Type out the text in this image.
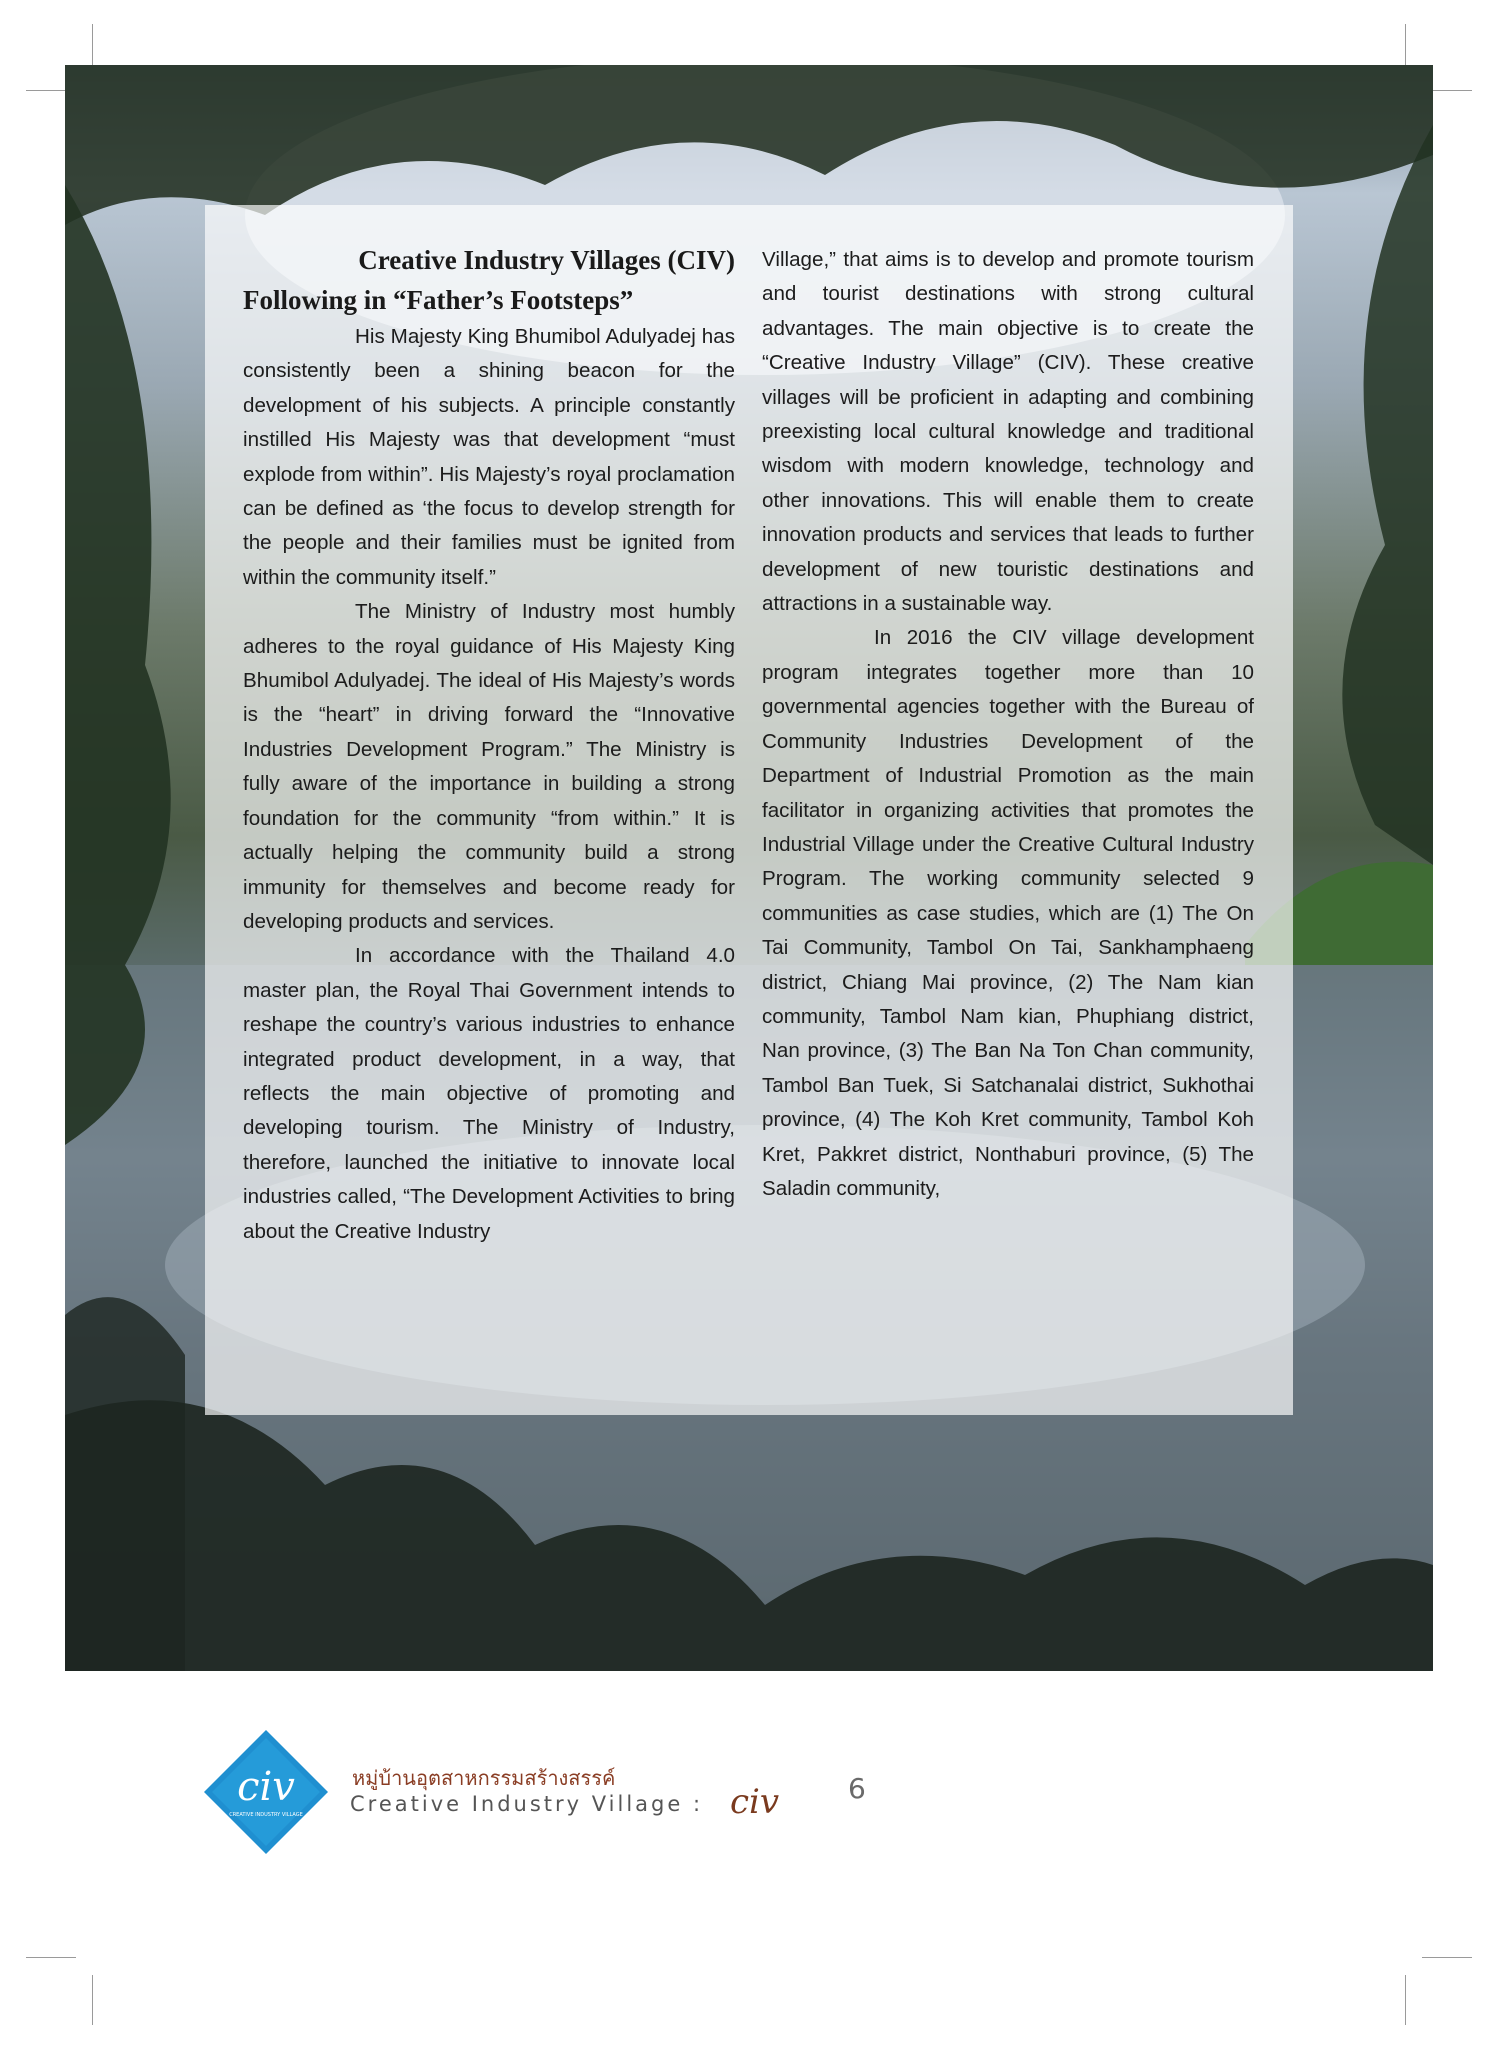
Creative Industry Villages (CIV)
Following in “Father’s Footsteps”

His Majesty King Bhumibol Adulyadej has consistently been a shining beacon for the development of his subjects. A principle constantly instilled His Majesty was that development “must explode from within”. His Majesty’s royal proclamation can be defined as ‘the focus to develop strength for the people and their families must be ignited from within the community itself.”

The Ministry of Industry most humbly adheres to the royal guidance of His Majesty King Bhumibol Adulyadej. The ideal of His Majesty’s words is the “heart” in driving forward the “Innovative Industries Development Program.” The Ministry is fully aware of the importance in building a strong foundation for the community “from within.” It is actually helping the community build a strong immunity for themselves and become ready for developing products and services.

In accordance with the Thailand 4.0 master plan, the Royal Thai Government intends to reshape the country’s various industries to enhance integrated product development, in a way, that reflects the main objective of promoting and developing tourism. The Ministry of Industry, therefore, launched the initiative to innovate local industries called, “The Development Activities to bring about the Creative Industry

Village,” that aims is to develop and promote tourism and tourist destinations with strong cultural advantages. The main objective is to create the “Creative Industry Village” (CIV). These creative villages will be proficient in adapting and combining preexisting local cultural knowledge and traditional wisdom with modern knowledge, technology and other innovations. This will enable them to create innovation products and services that leads to further development of new touristic destinations and attractions in a sustainable way.

In 2016 the CIV village development program integrates together more than 10 governmental agencies together with the Bureau of Community Industries Development of the Department of Industrial Promotion as the main facilitator in organizing activities that promotes the Industrial Village under the Creative Cultural Industry Program. The working community selected 9 communities as case studies, which are (1) The On Tai Community, Tambol On Tai, Sankhamphaeng district, Chiang Mai province, (2) The Nam kian community, Tambol Nam kian, Phuphiang district, Nan province, (3) The Ban Na Ton Chan community, Tambol Ban Tuek, Si Satchanalai district, Sukhothai province, (4) The Koh Kret community, Tambol Koh Kret, Pakkret district, Nonthaburi province, (5) The Saladin community,

civ
CREATIVE INDUSTRY VILLAGE
หมู่บ้านอุตสาหกรรมสร้างสรรค์
Creative Industry Village : civ 6
